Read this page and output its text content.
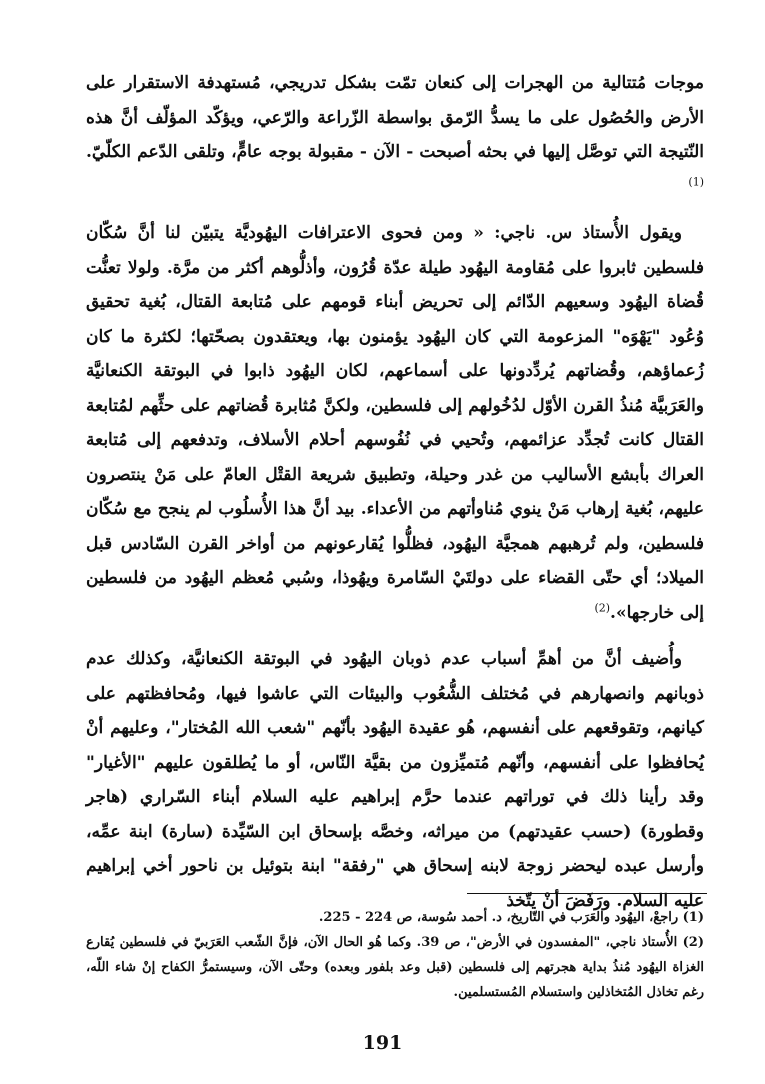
موجات مُتتالية من الهجرات إلى كنعان تمّت بشكل تدريجي، مُستهدفة الاستقرار على الأرض والحُصُول على ما يسدُّ الرّمق بواسطة الزّراعة والرّعي، ويؤكّد المؤلّف أنَّ هذه النّتيجة التي توصَّل إليها في بحثه أصبحت - الآن - مقبولة بوجه عامٍّ، وتلقى الدّعم الكلّيّ. $^{(1)}$

ويقول الأُستاذ س. ناجي: « ومن فحوى الاعترافات اليهُوديَّة يتبيّن لنا أنَّ سُكّان فلسطين ثابروا على مُقاومة اليهُود طيلة عدّة قُرُون، وأذلُّوهم أكثر من مرَّة. ولولا تعنُّت قُضاة اليهُود وسعيهم الدّائم إلى تحريض أبناء قومهم على مُتابعة القتال، بُغية تحقيق وُعُود "يَهْوَه" المزعومة التي كان اليهُود يؤمنون بها، ويعتقدون بصحّتها؛ لكثرة ما كان زُعماؤهم، وقُضاتهم يُردِّدونها على أسماعهم، لكان اليهُود ذابوا في البوتقة الكنعانيَّة والعَرَبيَّة مُنذُ القرن الأوّل لدُخُولهم إلى فلسطين، ولكنَّ مُثابرة قُضاتهم على حثِّهم لمُتابعة القتال كانت تُجدِّد عزائمهم، وتُحيي في نُفُوسهم أحلام الأسلاف، وتدفعهم إلى مُتابعة العراك بأبشع الأساليب من غدر وحيلة، وتطبيق شريعة القتْل العامّ على مَنْ ينتصرون عليهم، بُغية إرهاب مَنْ ينوي مُناوأتهم من الأعداء. بيد أنَّ هذا الأُسلُوب لم ينجح مع سُكّان فلسطين، ولم تُرهبهم همجيَّة اليهُود، فظلُّوا يُقارعونهم من أواخر القرن السّادس قبل الميلاد؛ أي حتّى القضاء على دولتَيْ السّامرة ويهُوذا، وسُبي مُعظم اليهُود من فلسطين إلى خارجها».$^{(2)}$

وأُضيف أنَّ من أهمِّ أسباب عدم ذوبان اليهُود في البوتقة الكنعانيَّة، وكذلك عدم ذوبانهم وانصهارهم في مُختلف الشُّعُوب والبيئات التي عاشوا فيها، ومُحافظتهم على كيانهم، وتقوقعهم على أنفسهم، هُو عقيدة اليهُود بأنّهم "شعب الله المُختار"، وعليهم أنْ يُحافظوا على أنفسهم، وأنّهم مُتميِّزون من بقيَّة النّاس، أو ما يُطلقون عليهم "الأغيار" وقد رأينا ذلك في توراتهم عندما حرَّم إبراهيم عليه السلام أبناء السّراري (هاجر وقطورة) (حسب عقيدتهم) من ميراثه، وخصَّه بإسحاق ابن السّيِّدة (سارة) ابنة عمِّه، وأرسل عبده ليحضر زوجة لابنه إسحاق هي "رفقة" ابنة بتوئيل بن ناحور أخي إبراهيم عليه السلام. ورَفَضَ أنْ يتّخذ

(1) راجعْ، اليهُود والعَرَب في التّاريخ، د. أحمد سُوسة، ص 224 - 225.

(2) الأُستاذ ناجي، "المفسدون في الأرض"، ص 39. وكما هُو الحال الآن، فإنَّ الشّعب العَرَبيّ في فلسطين يُقارع الغزاة اليهُود مُنذُ بداية هجرتهم إلى فلسطين (قبل وعد بلفور وبعده) وحتّى الآن، وسيستمرُّ الكفاح إنْ شاء اللّه، رغم تخاذل المُتخاذلين واستسلام المُستسلمين.

191
